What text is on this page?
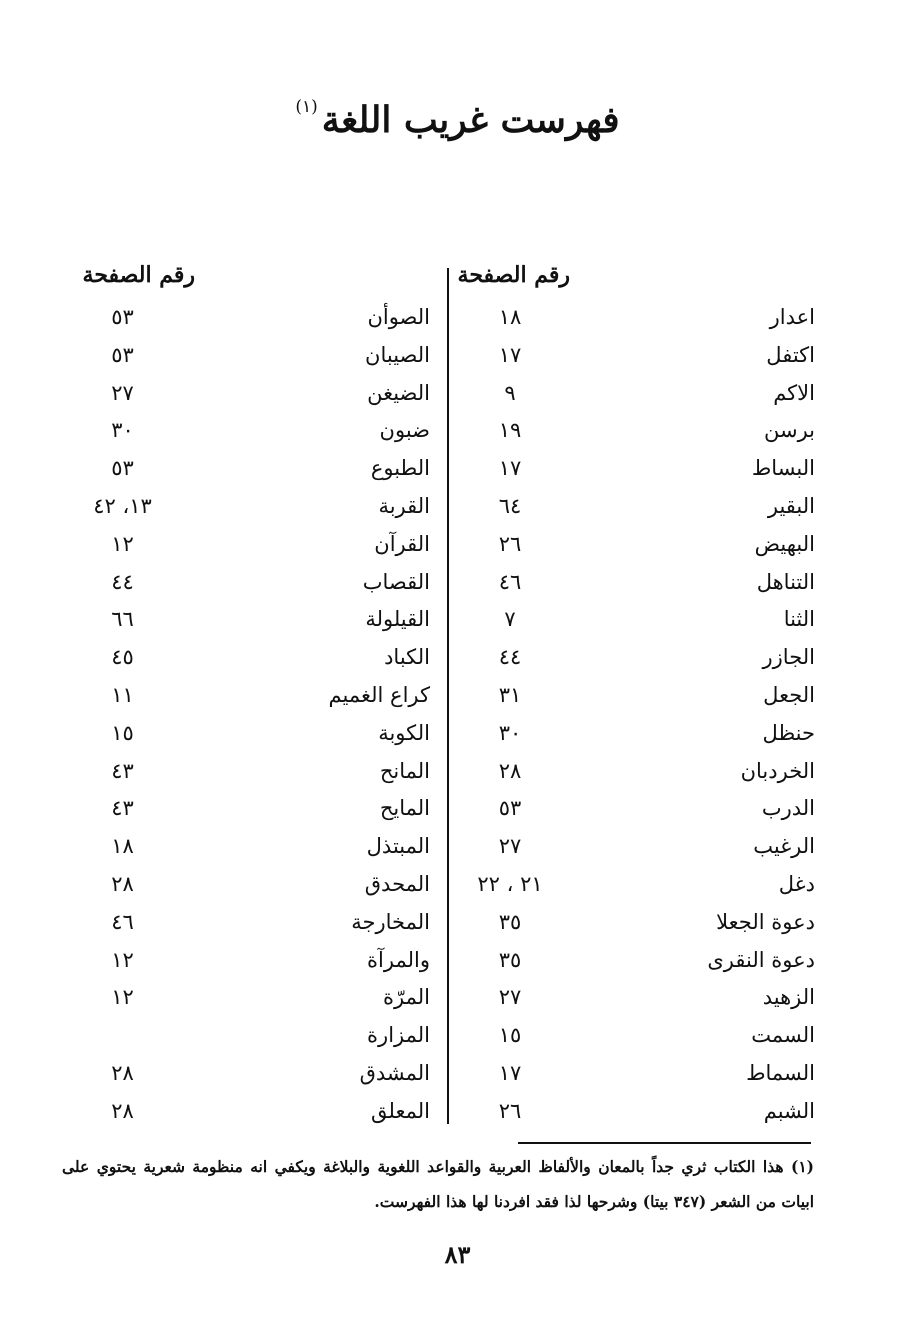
فهرست غريب اللغة$^{(١)}$
رقم الصفحة
رقم الصفحة
اعدار
١٨
اكتفل
١٧
الاكم
٩
برسن
١٩
البساط
١٧
البقير
٦٤
البهيض
٢٦
التناهل
٤٦
الثنا
٧
الجازر
٤٤
الجعل
٣١
حنظل
٣٠
الخردبان
٢٨
الدرب
٥٣
الرغيب
٢٧
دغل
٢١ ، ٢٢
دعوة الجعلا
٣٥
دعوة النقرى
٣٥
الزهيد
٢٧
السمت
١٥
السماط
١٧
الشبم
٢٦
الصوأن
٥٣
الصيبان
٥٣
الضيغن
٢٧
ضبون
٣٠
الطبوع
٥٣
القربة
١٣، ٤٢
القرآن
١٢
القصاب
٤٤
القيلولة
٦٦
الكباد
٤٥
كراع الغميم
١١
الكوبة
١٥
المانح
٤٣
المايح
٤٣
المبتذل
١٨
المحدق
٢٨
المخارجة
٤٦
والمرآة
١٢
المرّة
١٢
المزارة
المشدق
٢٨
المعلق
٢٨
(١) هذا الكتاب ثري جداً بالمعان والألفاظ العربية والقواعد اللغوية والبلاغة ويكفي انه منظومة شعرية يحتوي على ابيات من الشعر (٣٤٧ بيتا) وشرحها لذا فقد افردنا لها هذا الفهرست.
٨٣
